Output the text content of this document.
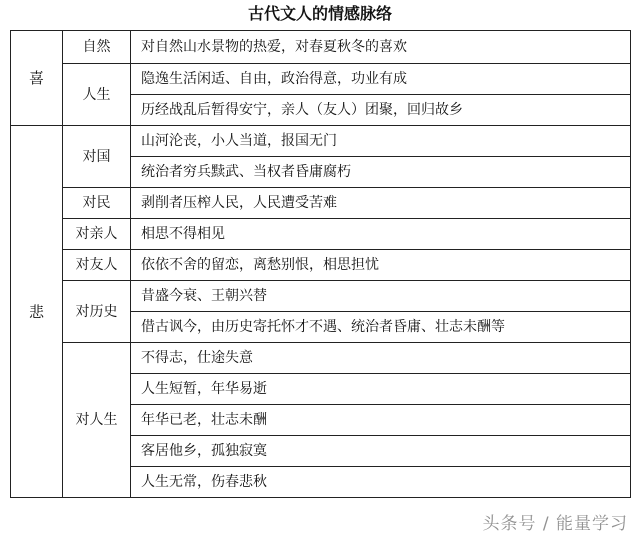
古代文人的情感脉络
喜	自然	对自然山水景物的热爱，对春夏秋冬的喜欢
	人生	隐逸生活闲适、自由，政治得意，功业有成
		历经战乱后暂得安宁，亲人（友人）团聚，回归故乡
悲	对国	山河沦丧，小人当道，报国无门
		统治者穷兵黩武、当权者昏庸腐朽
	对民	剥削者压榨人民，人民遭受苦难
	对亲人	相思不得相见
	对友人	依依不舍的留恋，离愁别恨，相思担忧
	对历史	昔盛今衰、王朝兴替
		借古讽今，由历史寄托怀才不遇、统治者昏庸、壮志未酬等
	对人生	不得志，仕途失意
		人生短暂，年华易逝
		年华已老，壮志未酬
		客居他乡，孤独寂寞
		人生无常，伤春悲秋
头条号 / 能量学习
